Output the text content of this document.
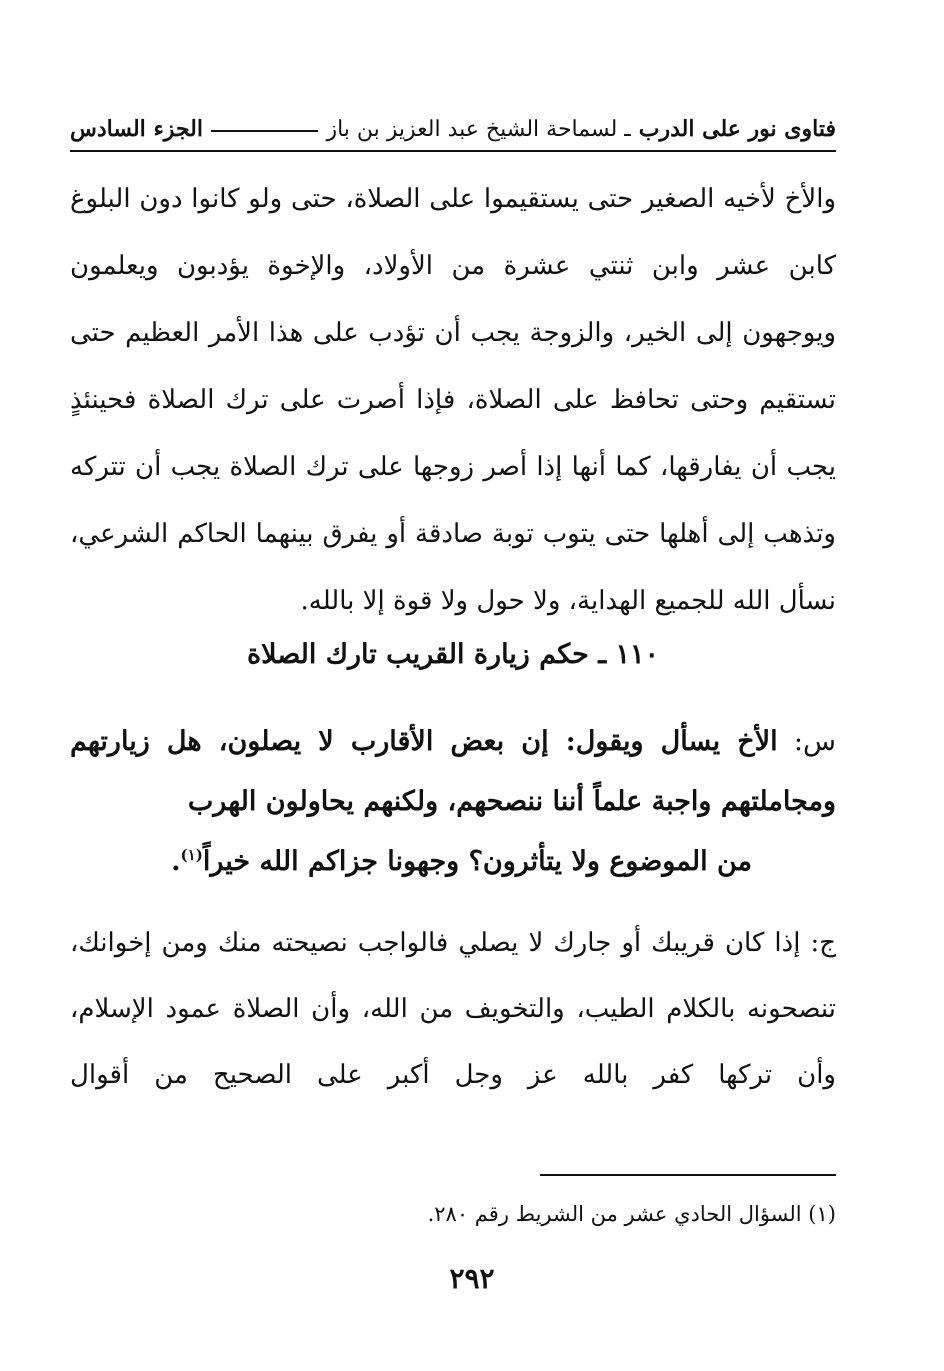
فتاوى نور على الدرب
ـ لسماحة الشيخ عبد العزيز بن باز
الجزء السادس

والأخ لأخيه الصغير حتى يستقيموا على الصلاة، حتى ولو كانوا دون البلوغ كابن عشر وابن ثنتي عشرة من الأولاد، والإخوة يؤدبون ويعلمون ويوجهون إلى الخير، والزوجة يجب أن تؤدب على هذا الأمر العظيم حتى تستقيم وحتى تحافظ على الصلاة، فإذا أصرت على ترك الصلاة فحينئذٍ يجب أن يفارقها، كما أنها إذا أصر زوجها على ترك الصلاة يجب أن تتركه وتذهب إلى أهلها حتى يتوب توبة صادقة أو يفرق بينهما الحاكم الشرعي، نسأل الله للجميع الهداية، ولا حول ولا قوة إلا بالله.

١١٠ ـ حكم زيارة القريب تارك الصلاة

س: الأخ يسأل ويقول: إن بعض الأقارب لا يصلون، هل زيارتهم ومجاملتهم واجبة علماً أننا ننصحهم، ولكنهم يحاولون الهرب
من الموضوع ولا يتأثرون؟ وجهونا جزاكم الله خيراً$^{(١)}$.

ج: إذا كان قريبك أو جارك لا يصلي فالواجب نصيحته منك ومن إخوانك، تنصحونه بالكلام الطيب، والتخويف من الله، وأن الصلاة عمود الإسلام، وأن تركها كفر بالله عز وجل أكبر على الصحيح من أقوال

(١) السؤال الحادي عشر من الشريط رقم ٢٨٠.

٢٩٢
